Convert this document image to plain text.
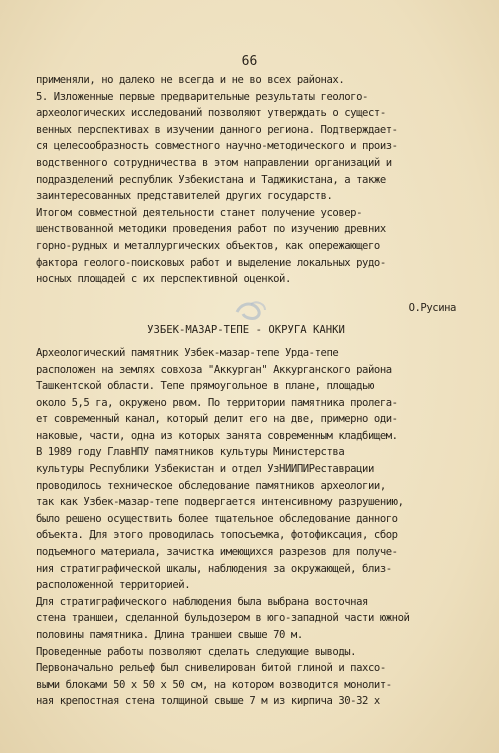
66
применяли, но далеко не всегда и не во всех районах.
5. Изложенные первые предварительные результаты геолого-
археологических исследований позволяют утверждать о сущест-
венных перспективах в изучении данного региона. Подтверждает-
ся целесообразность совместного научно-методического и произ-
водственного сотрудничества в этом направлении организаций и
подразделений республик Узбекистана и Таджикистана, а также
заинтересованных представителей других государств.
Итогом совместной деятельности станет получение усовер-
шенствованной методики проведения работ по изучению древних
горно-рудных и металлургических объектов, как опережающего
фактора геолого-поисковых работ и выделение локальных рудо-
носных площадей с их перспективной оценкой.
О.Русина
УЗБЕК-МАЗАР-ТЕПЕ - ОКРУГА КАНКИ
Археологический памятник Узбек-мазар-тепе Урда-тепе
расположен на землях совхоза "Аккурган" Аккурганского района
Ташкентской области. Тепе прямоугольное в плане, площадью
около 5,5 га, окружено рвом. По территории памятника пролега-
ет современный канал, который делит его на две, примерно оди-
наковые, части, одна из которых занята современным кладбищем.
В 1989 году ГлавНПУ памятников культуры Министерства
культуры Республики Узбекистан и отдел УзНИИПИРеставрации
проводилось техническое обследование памятников археологии,
так как Узбек-мазар-тепе подвергается интенсивному разрушению,
было решено осуществить более тщательное обследование данного
объекта. Для этого проводилась топосъемка, фотофиксация, сбор
подъемного материала, зачистка имеющихся разрезов для получе-
ния стратиграфической шкалы, наблюдения за окружающей, близ-
расположенной территорией.
Для стратиграфического наблюдения была выбрана восточная
стена траншеи, сделанной бульдозером в юго-западной части южной
половины памятника. Длина траншеи свыше 70 м.
Проведенные работы позволяют сделать следующие выводы.
Первоначально рельеф был снивелирован битой глиной и пахсо-
выми блоками 50 х 50 х 50 см, на котором возводится монолит-
ная крепостная стена толщиной свыше 7 м из кирпича 30-32 х
